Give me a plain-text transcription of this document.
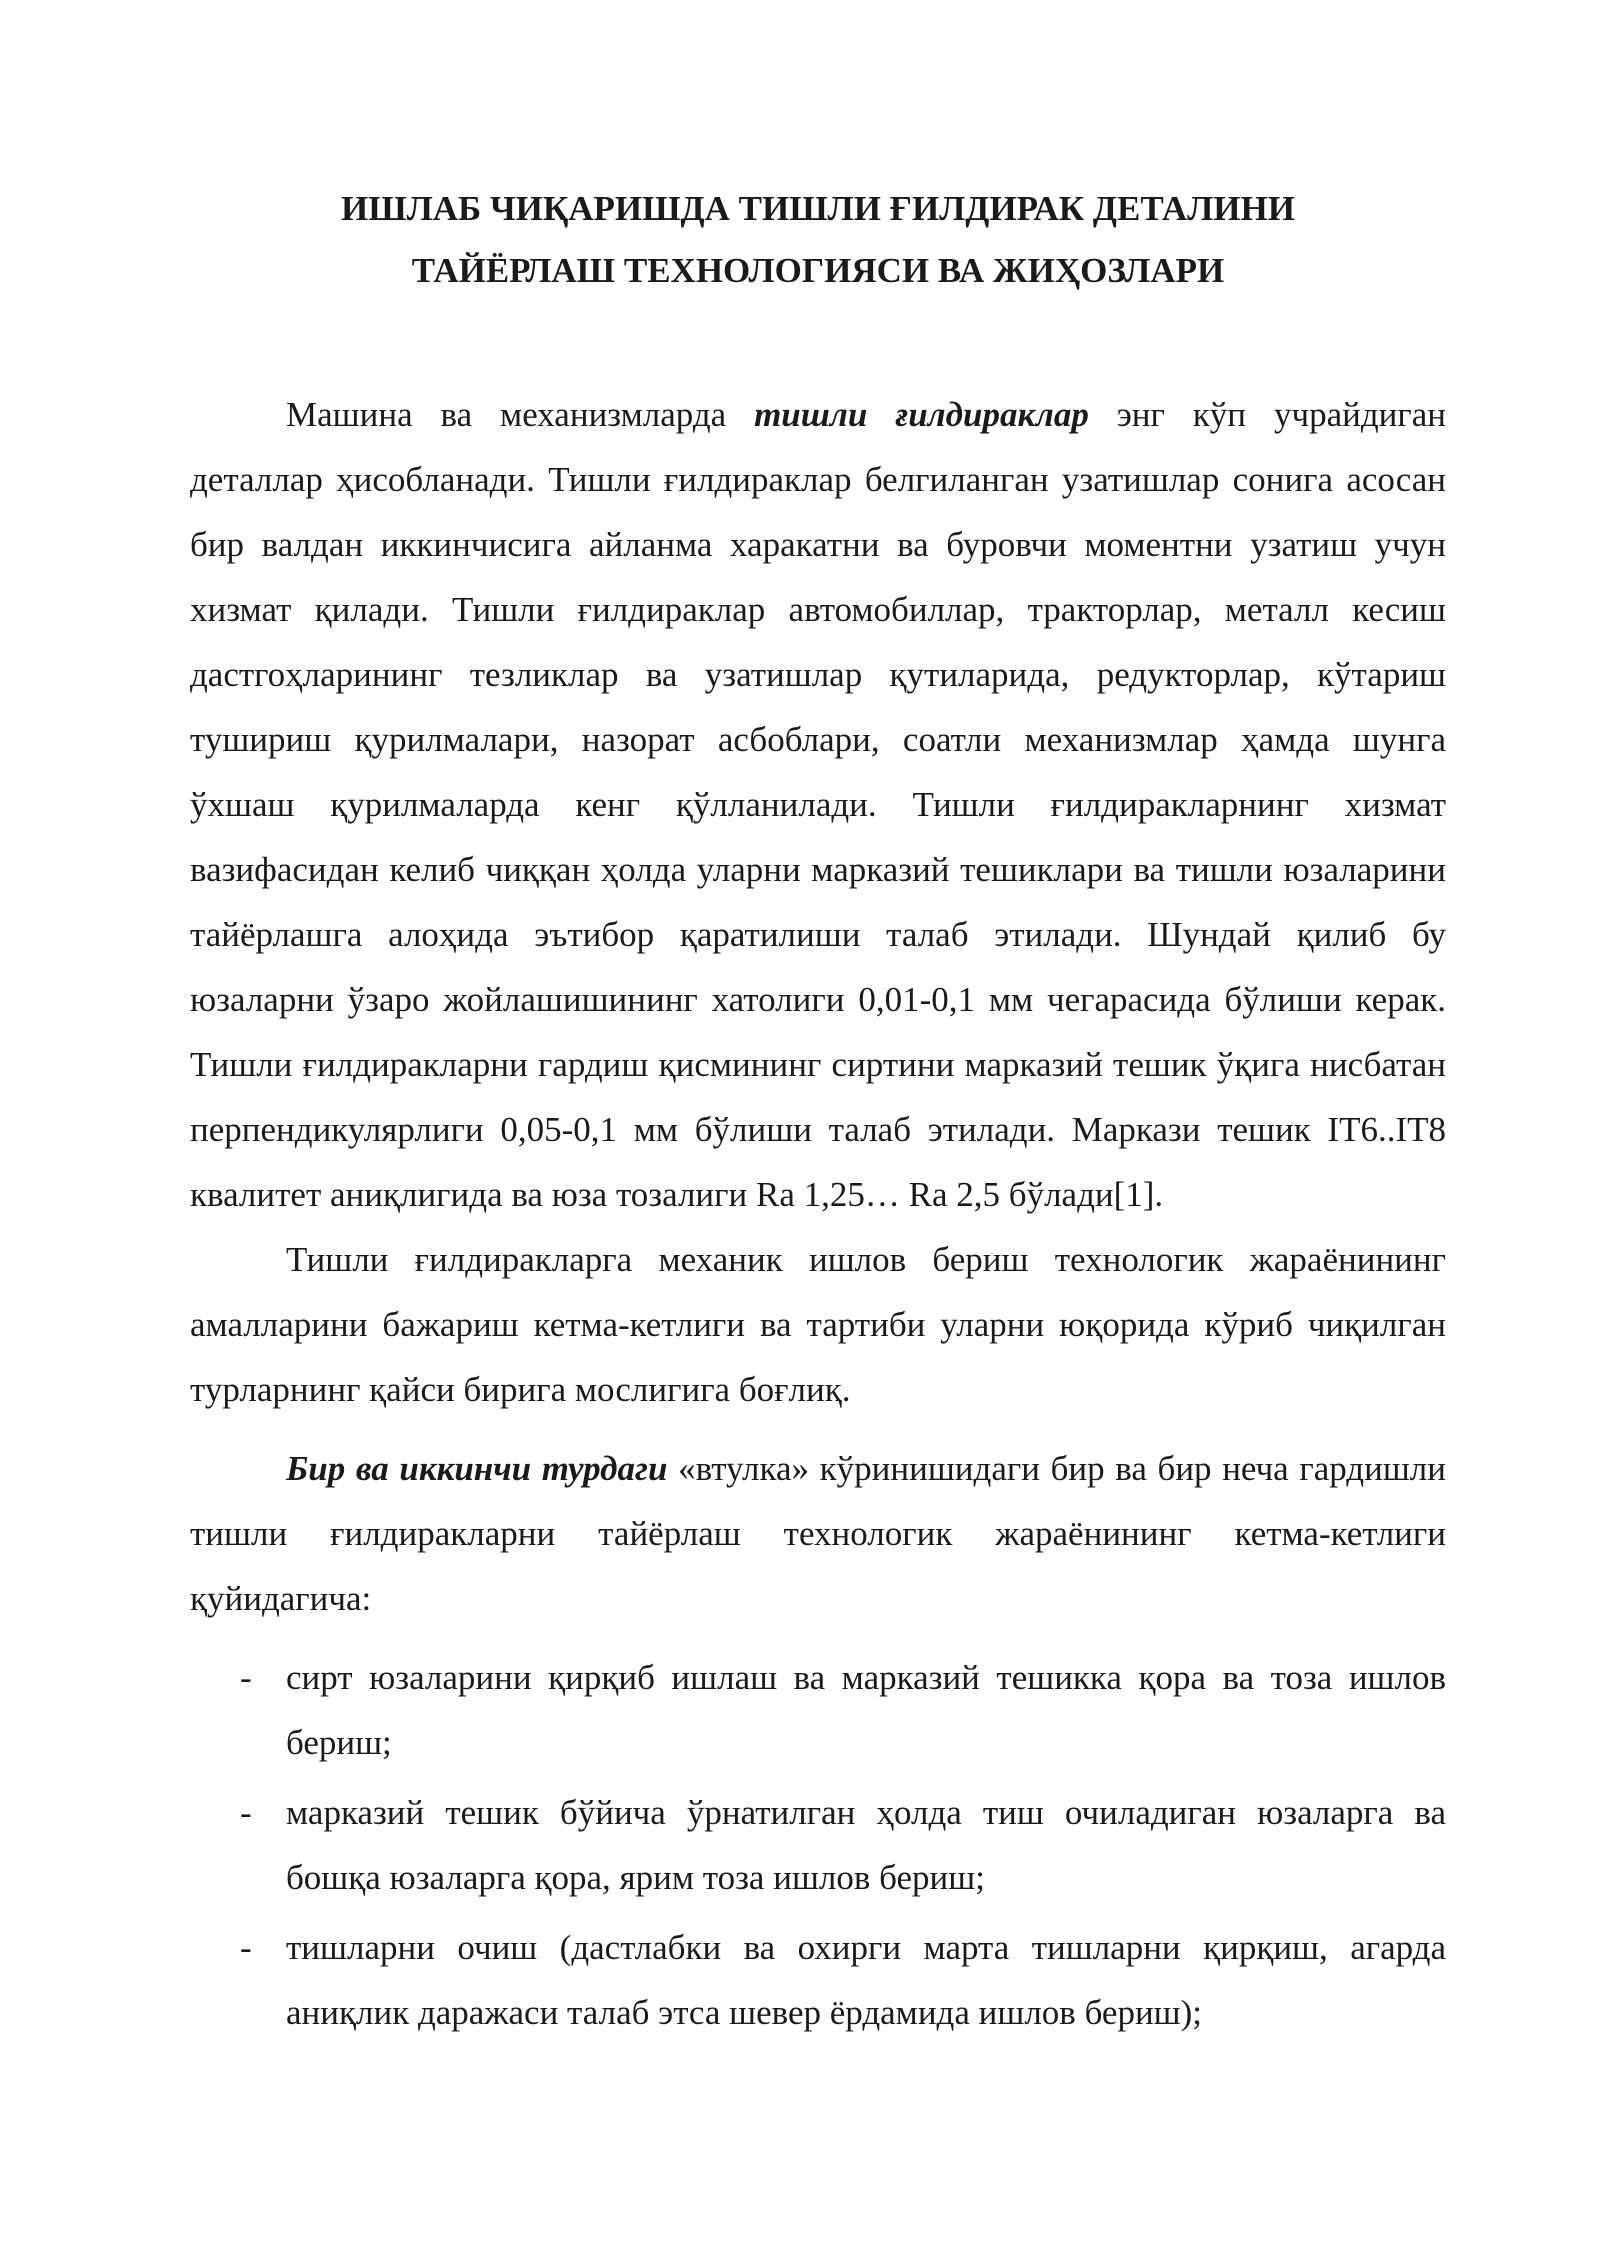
ИШЛАБ ЧИҚАРИШДА ТИШЛИ ҒИЛДИРАК ДЕТАЛИНИ
ТАЙЁРЛАШ ТЕХНОЛОГИЯСИ ВА ЖИҲОЗЛАРИ

Машина ва механизмларда тишли ғилдираклар энг кўп учрайдиган деталлар ҳисобланади. Тишли ғилдираклар белгиланган узатишлар сонига асосан бир валдан иккинчисига айланма харакатни ва буровчи моментни узатиш учун хизмат қилади. Тишли ғилдираклар автомобиллар, тракторлар, металл кесиш дастгоҳларининг тезликлар ва узатишлар қутиларида, редукторлар, кўтариш тушириш қурилмалари, назорат асбоблари, соатли механизмлар ҳамда шунга ўхшаш қурилмаларда кенг қўлланилади. Тишли ғилдиракларнинг хизмат вазифасидан келиб чиққан ҳолда уларни марказий тешиклари ва тишли юзаларини тайёрлашга алоҳида эътибор қаратилиши талаб этилади. Шундай қилиб бу юзаларни ўзаро жойлашишининг хатолиги 0,01-0,1 мм чегарасида бўлиши керак. Тишли ғилдиракларни гардиш қисмининг сиртини марказий тешик ўқига нисбатан перпендикулярлиги 0,05-0,1 мм бўлиши талаб этилади. Маркази тешик IT6..IT8 квалитет аниқлигида ва юза тозалиги Ra 1,25… Ra 2,5 бўлади[1].

Тишли ғилдиракларга механик ишлов бериш технологик жараёнининг амалларини бажариш кетма-кетлиги ва тартиби уларни юқорида кўриб чиқилган турларнинг қайси бирига мослигига боғлиқ.

Бир ва иккинчи турдаги «втулка» кўринишидаги бир ва бир неча гардишли тишли ғилдиракларни тайёрлаш технологик жараёнининг кетма-кетлиги қуйидагича:

- сирт юзаларини қирқиб ишлаш ва марказий тешикка қора ва тоза ишлов бериш;
- марказий тешик бўйича ўрнатилган ҳолда тиш очиладиган юзаларга ва бошқа юзаларга қора, ярим тоза ишлов бериш;
- тишларни очиш (дастлабки ва охирги марта тишларни қирқиш, агарда аниқлик даражаси талаб этса шевер ёрдамида ишлов бериш);
